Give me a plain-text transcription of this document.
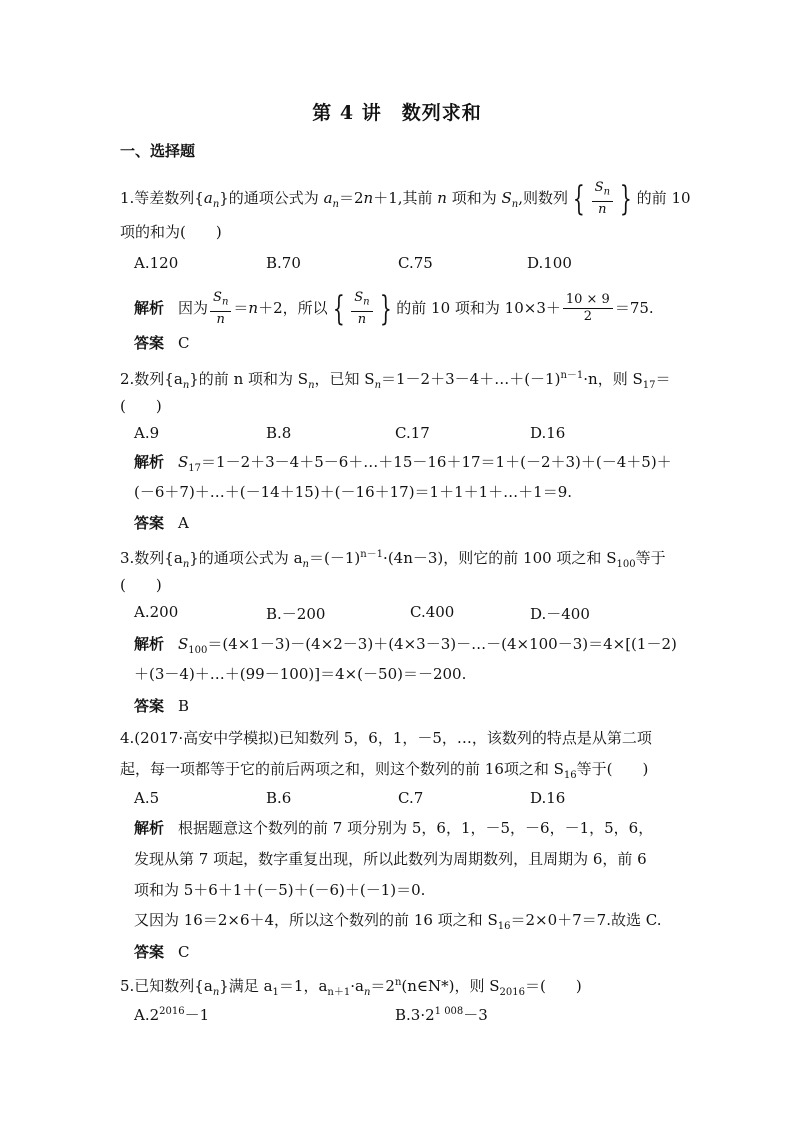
第 4 讲　数列求和
一、选择题
1.等差数列$\{a_n\}$的通项公式为 $a_n=2n+1$,其前 n 项和为 $S_n$,则数列 { $\frac{S_n}{n}$ } 的前 10
项的和为(　　)
A.120	B.70	C.75	D.100
解析 因为 $\frac{S_n}{n} =n+2$，所以 { $\frac{S_n}{n}$ } 的前 10 项和为 $10\times 3+ \frac{10 \times 9}{2} =75$.
答案 C
2.数列$\{a_n\}$的前 n 项和为 $S_n$，已知 $S_n=1-2+3-4+\dots+(-1)^{n-1}\cdot n$，则 $S_{17}=$
(　　)
A.9	B.8	C.17	D.16
解析 $S_{17}=1-2+3-4+5-6+\dots+15-16+17=1+(-2+3)+(-4+5)+$
(－6＋7)＋…＋(－14＋15)＋(－16＋17)＝1＋1＋1＋…＋1＝9.
答案 A
3.数列$\{a_n\}$的通项公式为 $a_n=(-1)^{n-1}\cdot(4n-3)$，则它的前 100 项之和 $S_{100}$等于
(　　)
A.200	B.－200	C.400	D.－400
解析 $S_{100}=(4\times 1-3)-(4\times 2-3)+(4\times 3-3)-\dots-(4\times 100-3)=4\times[(1-2)$
＋(3－4)＋…＋(99－100)]＝4×(－50)＝－200.
答案 B
4.(2017·高安中学模拟)已知数列 5，6，1，－5，…，该数列的特点是从第二项
起，每一项都等于它的前后两项之和，则这个数列的前 16项之和 $S_{16}$等于(　　)
A.5	B.6	C.7	D.16
解析 根据题意这个数列的前 7 项分别为 5，6，1，－5，－6，－1，5，6，
发现从第 7 项起，数字重复出现，所以此数列为周期数列，且周期为 6，前 6
项和为 5＋6＋1＋(－5)＋(－6)＋(－1)＝0.
又因为 16＝2×6＋4，所以这个数列的前 16 项之和 $S_{16}=2\times 0+7=7$.故选 C.
答案 C
5.已知数列$\{a_n\}$满足 $a_1=1$，$a_{n+1}\cdot a_n=2^n(n\in N*)$，则 $S_{2016}=$(　　)
$A.2^{2016}-1$	$B.3\cdot 2^{1 008}-3$
